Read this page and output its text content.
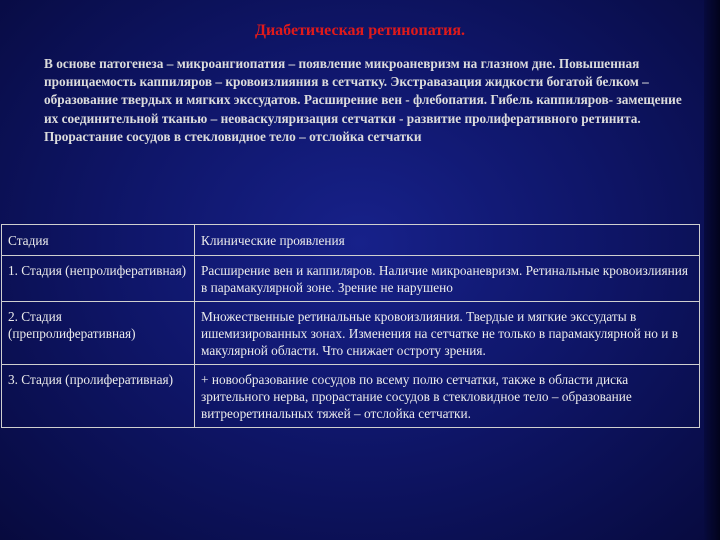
Диабетическая ретинопатия.

В основе патогенеза – микроангиопатия – появление микроаневризм на глазном дне. Повышенная проницаемость каппиляров – кровоизлияния в сетчатку. Экстравазация жидкости богатой белком – образование твердых и мягких экссудатов. Расширение вен - флебопатия. Гибель каппиляров- замещение их соединительной тканью – неоваскуляризация сетчатки - развитие пролиферативного ретинита. Прорастание сосудов в стекловидное тело – отслойка сетчатки

Стадия	Клинические проявления
1. Стадия (непролиферативная)	Расширение вен и каппиляров. Наличие микроаневризм. Ретинальные кровоизлияния в парамакулярной зоне. Зрение не нарушено
2. Стадия (препролиферативная)	Множественные ретинальные кровоизлияния. Твердые и мягкие экссудаты в ишемизированных зонах. Изменения на сетчатке не только в парамакулярной но и в макулярной области. Что снижает остроту зрения.
3. Стадия (пролиферативная)	+ новообразование сосудов по всему полю сетчатки, также в области диска зрительного нерва, прорастание сосудов в стекловидное тело – образование витреоретинальных тяжей – отслойка сетчатки.
